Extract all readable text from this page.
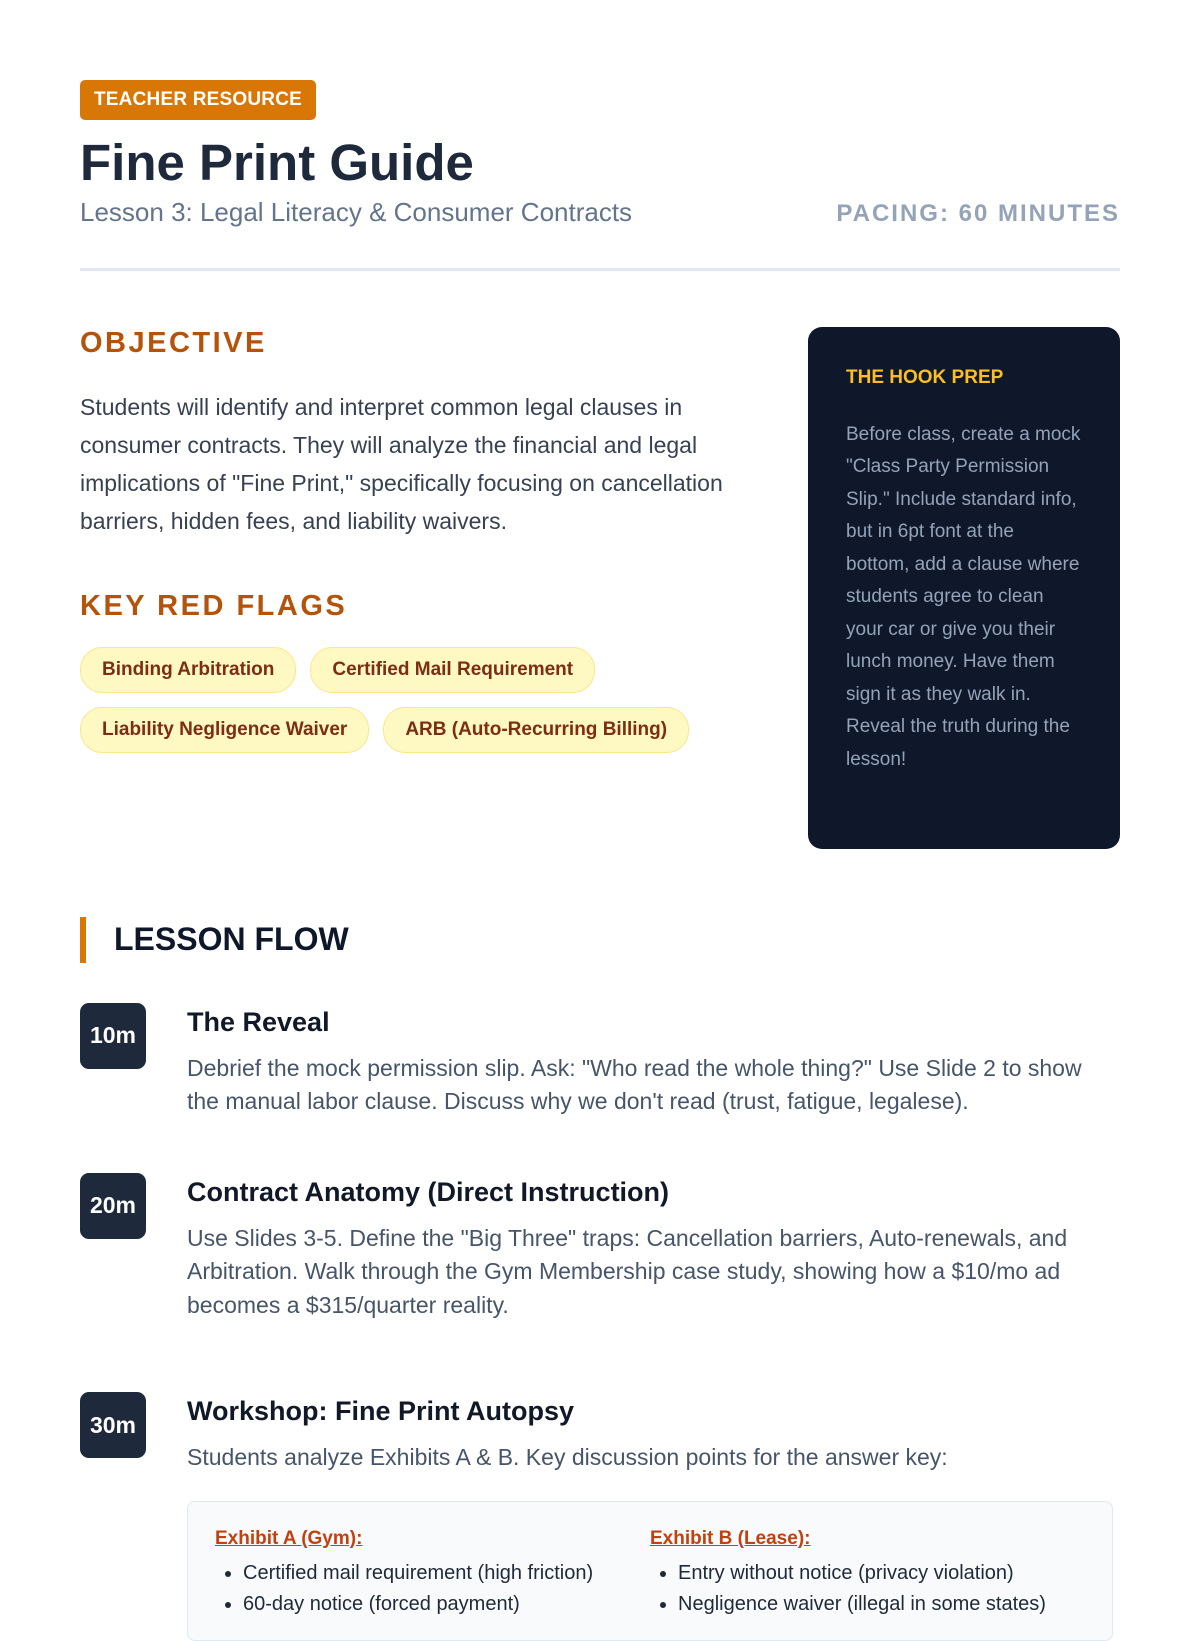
TEACHER RESOURCE
Fine Print Guide
Lesson 3: Legal Literacy & Consumer Contracts	PACING: 60 MINUTES
OBJECTIVE

Students will identify and interpret common legal clauses in consumer contracts. They will analyze the financial and legal implications of "Fine Print," specifically focusing on cancellation barriers, hidden fees, and liability waivers.

KEY RED FLAGS
Binding Arbitration	Certified Mail Requirement
Liability Negligence Waiver	ARB (Auto-Recurring Billing)
THE HOOK PREP

Before class, create a mock "Class Party Permission Slip." Include standard info, but in 6pt font at the bottom, add a clause where students agree to clean your car or give you their lunch money. Have them sign it as they walk in. Reveal the truth during the lesson!

LESSON FLOW
10m	The Reveal

Debrief the mock permission slip. Ask: "Who read the whole thing?" Use Slide 2 to show the manual labor clause. Discuss why we don't read (trust, fatigue, legalese).

20m	Contract Anatomy (Direct Instruction)

Use Slides 3-5. Define the "Big Three" traps: Cancellation barriers, Auto-renewals, and Arbitration. Walk through the Gym Membership case study, showing how a $10/mo ad becomes a $315/quarter reality.

30m	Workshop: Fine Print Autopsy

Students analyze Exhibits A & B. Key discussion points for the answer key:

Exhibit A (Gym):
• Certified mail requirement (high friction)
• 60-day notice (forced payment)
Exhibit B (Lease):
• Entry without notice (privacy violation)
• Negligence waiver (illegal in some states)
